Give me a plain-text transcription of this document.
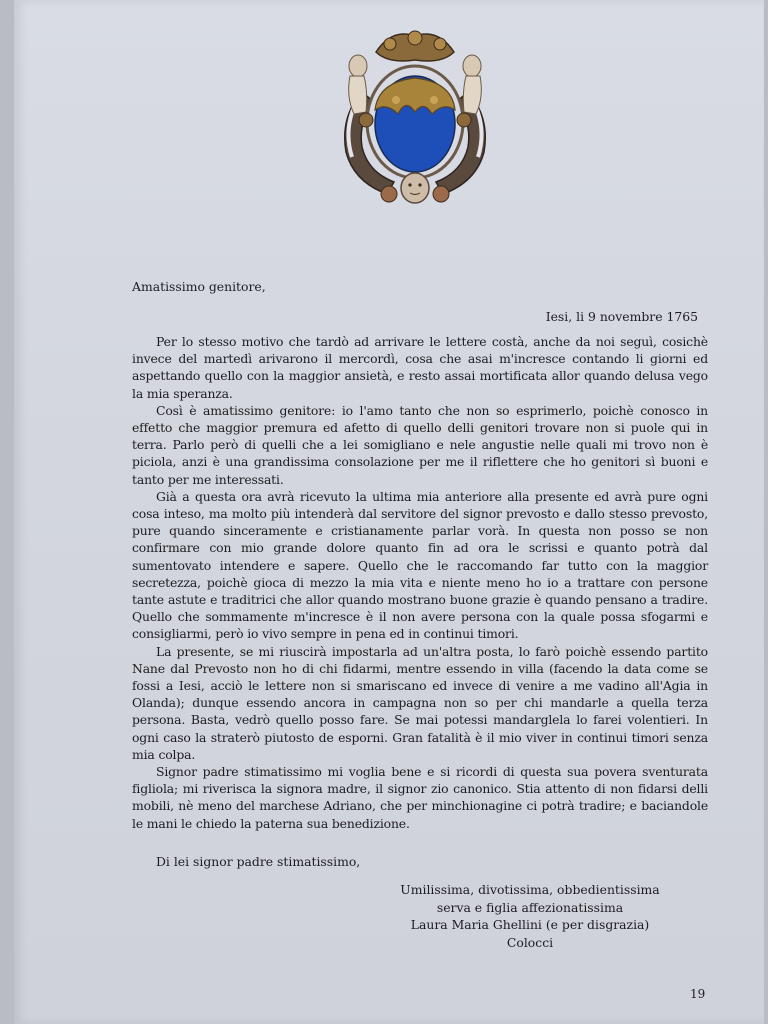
Amatissimo genitore,
Iesi, li 9 novembre 1765

Per lo stesso motivo che tardò ad arrivare le lettere costà, anche da noi seguì, cosichè invece del martedì arivarono il mercordì, cosa che asai m'incresce contando li giorni ed aspettando quello con la maggior ansietà, e resto assai mortificata allor quando delusa vego la mia speranza.

Così è amatissimo genitore: io l'amo tanto che non so esprimerlo, poichè conosco in effetto che maggior premura ed afetto di quello delli genitori trovare non si puole qui in terra. Parlo però di quelli che a lei somigliano e nele angustie nelle quali mi trovo non è piciola, anzi è una grandissima consolazione per me il riflettere che ho genitori sì buoni e tanto per me interessati.

Già a questa ora avrà ricevuto la ultima mia anteriore alla presente ed avrà pure ogni cosa inteso, ma molto più intenderà dal servitore del signor prevosto e dallo stesso prevosto, pure quando sinceramente e cristianamente parlar vorà. In questa non posso se non confirmare con mio grande dolore quanto fin ad ora le scrissi e quanto potrà dal sumentovato intendere e sapere. Quello che le raccomando far tutto con la maggior secretezza, poichè gioca di mezzo la mia vita e niente meno ho io a trattare con persone tante astute e traditrici che allor quando mostrano buone grazie è quando pensano a tradire. Quello che sommamente m'incresce è il non avere persona con la quale possa sfogarmi e consigliarmi, però io vivo sempre in pena ed in continui timori.

La presente, se mi riuscirà impostarla ad un'altra posta, lo farò poichè essendo partito Nane dal Prevosto non ho di chi fidarmi, mentre essendo in villa (facendo la data come se fossi a Iesi, acciò le lettere non si smariscano ed invece di venire a me vadino all'Agia in Olanda); dunque essendo ancora in campagna non so per chi mandarle a quella terza persona. Basta, vedrò quello posso fare. Se mai potessi mandarglela lo farei volentieri. In ogni caso la straterò piutosto de esporni. Gran fatalità è il mio viver in continui timori senza mia colpa.

Signor padre stimatissimo mi voglia bene e si ricordi di questa sua povera sventurata figliola; mi riverisca la signora madre, il signor zio canonico. Stia attento di non fidarsi delli mobili, nè meno del marchese Adriano, che per minchionagine ci potrà tradire; e baciandole le mani le chiedo la paterna sua benedizione.

Di lei signor padre stimatissimo,
Umilissima, divotissima, obbedientissima
serva e figlia affezionatissima
Laura Maria Ghellini (e per disgrazia) Colocci
19
